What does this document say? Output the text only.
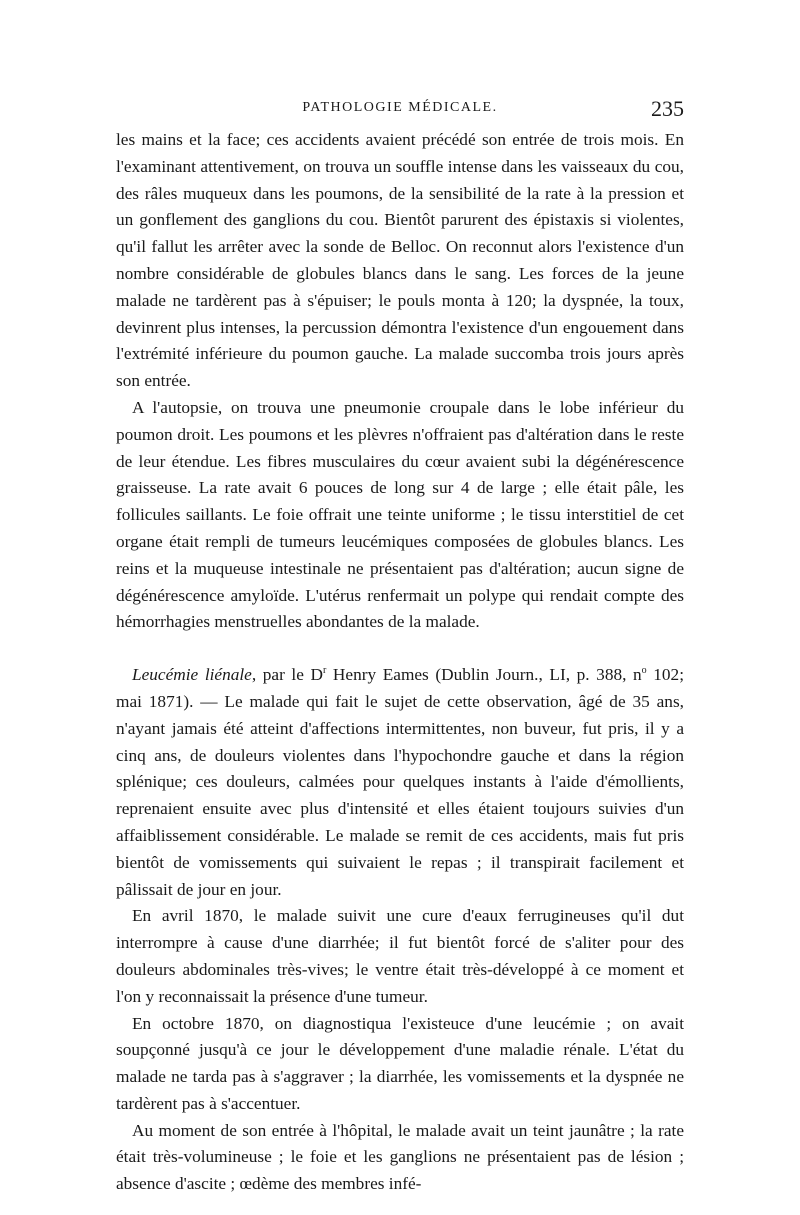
PATHOLOGIE MÉDICALE.	235

les mains et la face; ces accidents avaient précédé son entrée de trois mois. En l'examinant attentivement, on trouva un souffle intense dans les vaisseaux du cou, des râles muqueux dans les poumons, de la sensibilité de la rate à la pression et un gonflement des ganglions du cou. Bientôt parurent des épistaxis si violentes, qu'il fallut les arrêter avec la sonde de Belloc. On reconnut alors l'existence d'un nombre considérable de globules blancs dans le sang. Les forces de la jeune malade ne tardèrent pas à s'épuiser; le pouls monta à 120; la dyspnée, la toux, devinrent plus intenses, la percussion démontra l'existence d'un engouement dans l'extrémité inférieure du poumon gauche. La malade succomba trois jours après son entrée.

A l'autopsie, on trouva une pneumonie croupale dans le lobe inférieur du poumon droit. Les poumons et les plèvres n'offraient pas d'altération dans le reste de leur étendue. Les fibres musculaires du cœur avaient subi la dégénérescence graisseuse. La rate avait 6 pouces de long sur 4 de large ; elle était pâle, les follicules saillants. Le foie offrait une teinte uniforme ; le tissu interstitiel de cet organe était rempli de tumeurs leucémiques composées de globules blancs. Les reins et la muqueuse intestinale ne présentaient pas d'altération; aucun signe de dégénérescence amyloïde. L'utérus renfermait un polype qui rendait compte des hémorrhagies menstruelles abondantes de la malade.

Leucémie liénale, par le $D^r$ Henry Eames (Dublin Journ., LI, p. 388, $n^o$ 102; mai 1871). — Le malade qui fait le sujet de cette observation, âgé de 35 ans, n'ayant jamais été atteint d'affections intermittentes, non buveur, fut pris, il y a cinq ans, de douleurs violentes dans l'hypochondre gauche et dans la région splénique; ces douleurs, calmées pour quelques instants à l'aide d'émollients, reprenaient ensuite avec plus d'intensité et elles étaient toujours suivies d'un affaiblissement considérable. Le malade se remit de ces accidents, mais fut pris bientôt de vomissements qui suivaient le repas ; il transpirait facilement et pâlissait de jour en jour.

En avril 1870, le malade suivit une cure d'eaux ferrugineuses qu'il dut interrompre à cause d'une diarrhée; il fut bientôt forcé de s'aliter pour des douleurs abdominales très-vives; le ventre était très-développé à ce moment et l'on y reconnaissait la présence d'une tumeur.

En octobre 1870, on diagnostiqua l'existeuce d'une leucémie ; on avait soupçonné jusqu'à ce jour le développement d'une maladie rénale. L'état du malade ne tarda pas à s'aggraver ; la diarrhée, les vomissements et la dyspnée ne tardèrent pas à s'accentuer.

Au moment de son entrée à l'hôpital, le malade avait un teint jaunâtre ; la rate était très-volumineuse ; le foie et les ganglions ne présentaient pas de lésion ; absence d'ascite ; œdème des membres infé-
